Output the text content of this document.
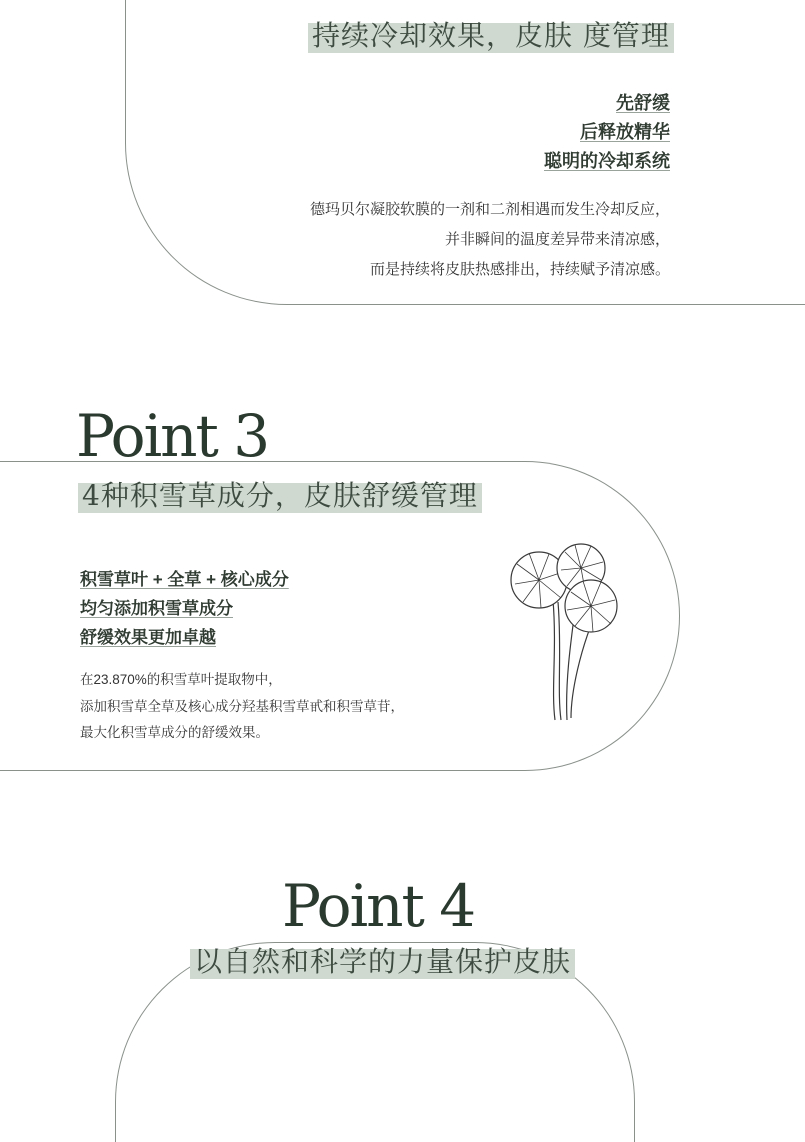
持续冷却效果，皮肤 度管理
先舒缓
后释放精华
聪明的冷却系统
德玛贝尔凝胶软膜的一剂和二剂相遇而发生冷却反应，
并非瞬间的温度差异带来清凉感，
而是持续将皮肤热感排出，持续赋予清凉感。
Point 3
4种积雪草成分，皮肤舒缓管理
积雪草叶 + 全草 + 核心成分
均匀添加积雪草成分
舒缓效果更加卓越
在23.870%的积雪草叶提取物中，
添加积雪草全草及核心成分羟基积雪草甙和积雪草苷，
最大化积雪草成分的舒缓效果。
Point 4
以自然和科学的力量保护皮肤
